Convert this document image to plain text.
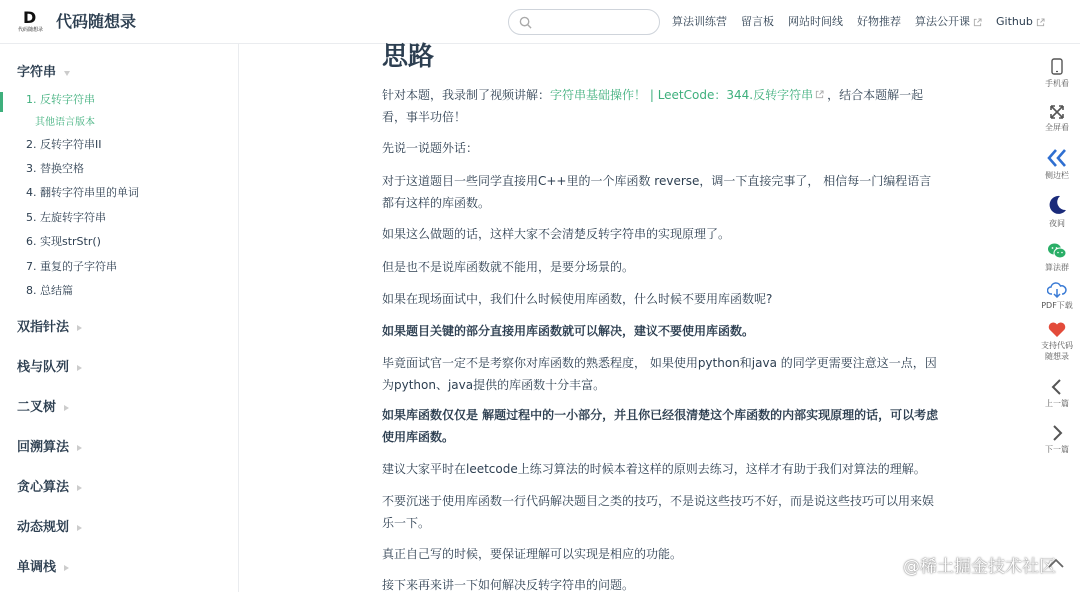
D
代码随想录 代码随想录	算法训练营 留言板 网站时间线 好物推荐 算法公开课 Github
字符串
1. 反转字符串
其他语言版本
2. 反转字符串II
3. 替换空格
4. 翻转字符串里的单词
5. 左旋转字符串
6. 实现strStr()
7. 重复的子字符串
8. 总结篇
双指针法
栈与队列
二叉树
回溯算法
贪心算法
动态规划
单调栈
思路
针对本题，我录制了视频讲解：字符串基础操作！ | LeetCode：344.反转字符串 ，结合本题解一起看，事半功倍！
先说一说题外话：
对于这道题目一些同学直接用C++里的一个库函数 reverse，调一下直接完事了， 相信每一门编程语言都有这样的库函数。
如果这么做题的话，这样大家不会清楚反转字符串的实现原理了。
但是也不是说库函数就不能用，是要分场景的。
如果在现场面试中，我们什么时候使用库函数，什么时候不要用库函数呢?
如果题目关键的部分直接用库函数就可以解决，建议不要使用库函数。
毕竟面试官一定不是考察你对库函数的熟悉程度， 如果使用python和java 的同学更需要注意这一点，因为python、java提供的库函数十分丰富。
如果库函数仅仅是 解题过程中的一小部分，并且你已经很清楚这个库函数的内部实现原理的话，可以考虑使用库函数。
建议大家平时在leetcode上练习算法的时候本着这样的原则去练习，这样才有助于我们对算法的理解。
不要沉迷于使用库函数一行代码解决题目之类的技巧，不是说这些技巧不好，而是说这些技巧可以用来娱乐一下。
真正自己写的时候，要保证理解可以实现是相应的功能。
接下来再来讲一下如何解决反转字符串的问题。
手机看
全屏看
侧边栏
夜间
算法群
PDF下载
支持代码随想录
上一篇
下一篇
@稀土掘金技术社区
